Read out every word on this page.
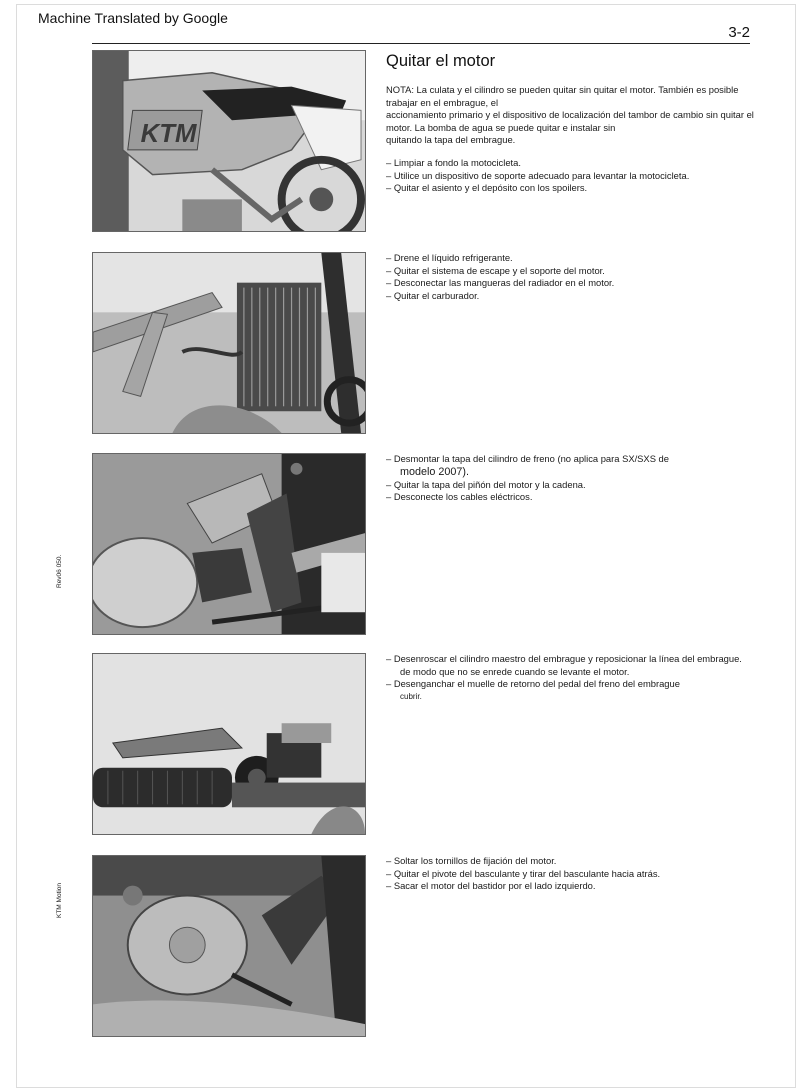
Machine Translated by Google
3-2
Quitar el motor
KTM

NOTA: La culata y el cilindro se pueden quitar sin quitar el motor. También es posible

trabajar en el embrague, el

accionamiento primario y el dispositivo de localización del tambor de cambio sin quitar el

motor. La bomba de agua se puede quitar e instalar sin

quitando la tapa del embrague.

– Limpiar a fondo la motocicleta.

– Utilice un dispositivo de soporte adecuado para levantar la motocicleta.

– Quitar el asiento y el depósito con los spoilers.

– Drene el líquido refrigerante.

– Quitar el sistema de escape y el soporte del motor.

– Desconectar las mangueras del radiador en el motor.

– Quitar el carburador.

– Desmontar la tapa del cilindro de freno (no aplica para SX/SXS de

modelo 2007).

– Quitar la tapa del piñón del motor y la cadena.

– Desconecte los cables eléctricos.

– Desenroscar el cilindro maestro del embrague y reposicionar la línea del embrague.

de modo que no se enrede cuando se levante el motor.

– Desenganchar el muelle de retorno del pedal del freno del embrague

cubrir.

– Soltar los tornillos de fijación del motor.

– Quitar el pivote del basculante y tirar del basculante hacia atrás.

– Sacar el motor del bastidor por el lado izquierdo.

Rev06 050.
KTM Motion
